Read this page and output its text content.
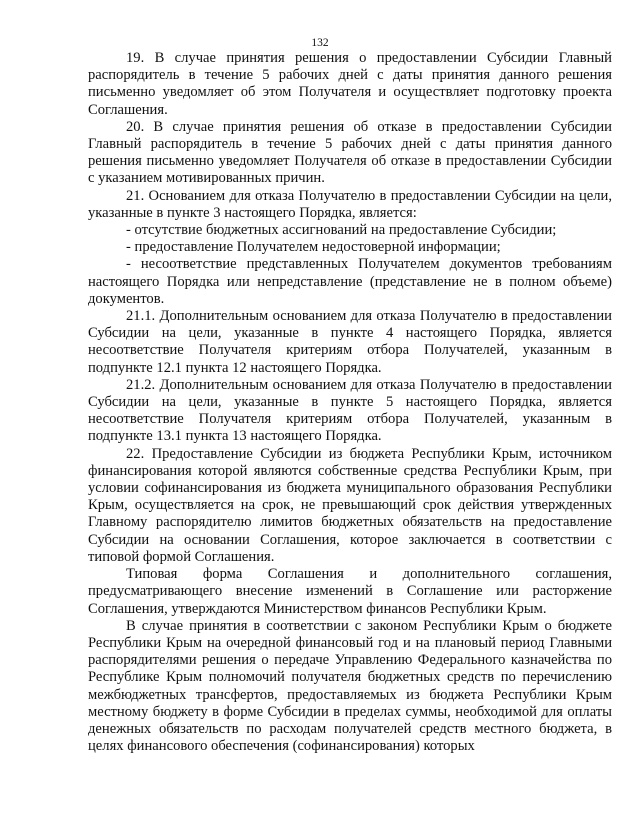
132

19. В случае принятия решения о предоставлении Субсидии Главный распорядитель в течение 5 рабочих дней с даты принятия данного решения письменно уведомляет об этом Получателя и осуществляет подготовку проекта Соглашения.

20. В случае принятия решения об отказе в предоставлении Субсидии Главный распорядитель в течение 5 рабочих дней с даты принятия данного решения письменно уведомляет Получателя об отказе в предоставлении Субсидии с указанием мотивированных причин.

21. Основанием для отказа Получателю в предоставлении Субсидии на цели, указанные в пункте 3 настоящего Порядка, является:

- отсутствие бюджетных ассигнований на предоставление Субсидии;

- предоставление Получателем недостоверной информации;

- несоответствие представленных Получателем документов требованиям настоящего Порядка или непредставление (представление не в полном объеме) документов.

21.1. Дополнительным основанием для отказа Получателю в предоставлении Субсидии на цели, указанные в пункте 4 настоящего Порядка, является несоответствие Получателя критериям отбора Получателей, указанным в подпункте 12.1 пункта 12 настоящего Порядка.

21.2. Дополнительным основанием для отказа Получателю в предоставлении Субсидии на цели, указанные в пункте 5 настоящего Порядка, является несоответствие Получателя критериям отбора Получателей, указанным в подпункте 13.1 пункта 13 настоящего Порядка.

22. Предоставление Субсидии из бюджета Республики Крым, источником финансирования которой являются собственные средства Республики Крым, при условии софинансирования из бюджета муниципального образования Республики Крым, осуществляется на срок, не превышающий срок действия утвержденных Главному распорядителю лимитов бюджетных обязательств на предоставление Субсидии на основании Соглашения, которое заключается в соответствии с типовой формой Соглашения.

Типовая форма Соглашения и дополнительного соглашения, предусматривающего внесение изменений в Соглашение или расторжение Соглашения, утверждаются Министерством финансов Республики Крым.

В случае принятия в соответствии с законом Республики Крым о бюджете Республики Крым на очередной финансовый год и на плановый период Главными распорядителями решения о передаче Управлению Федерального казначейства по Республике Крым полномочий получателя бюджетных средств по перечислению межбюджетных трансфертов, предоставляемых из бюджета Республики Крым местному бюджету в форме Субсидии в пределах суммы, необходимой для оплаты денежных обязательств по расходам получателей средств местного бюджета, в целях финансового обеспечения (софинансирования) которых
